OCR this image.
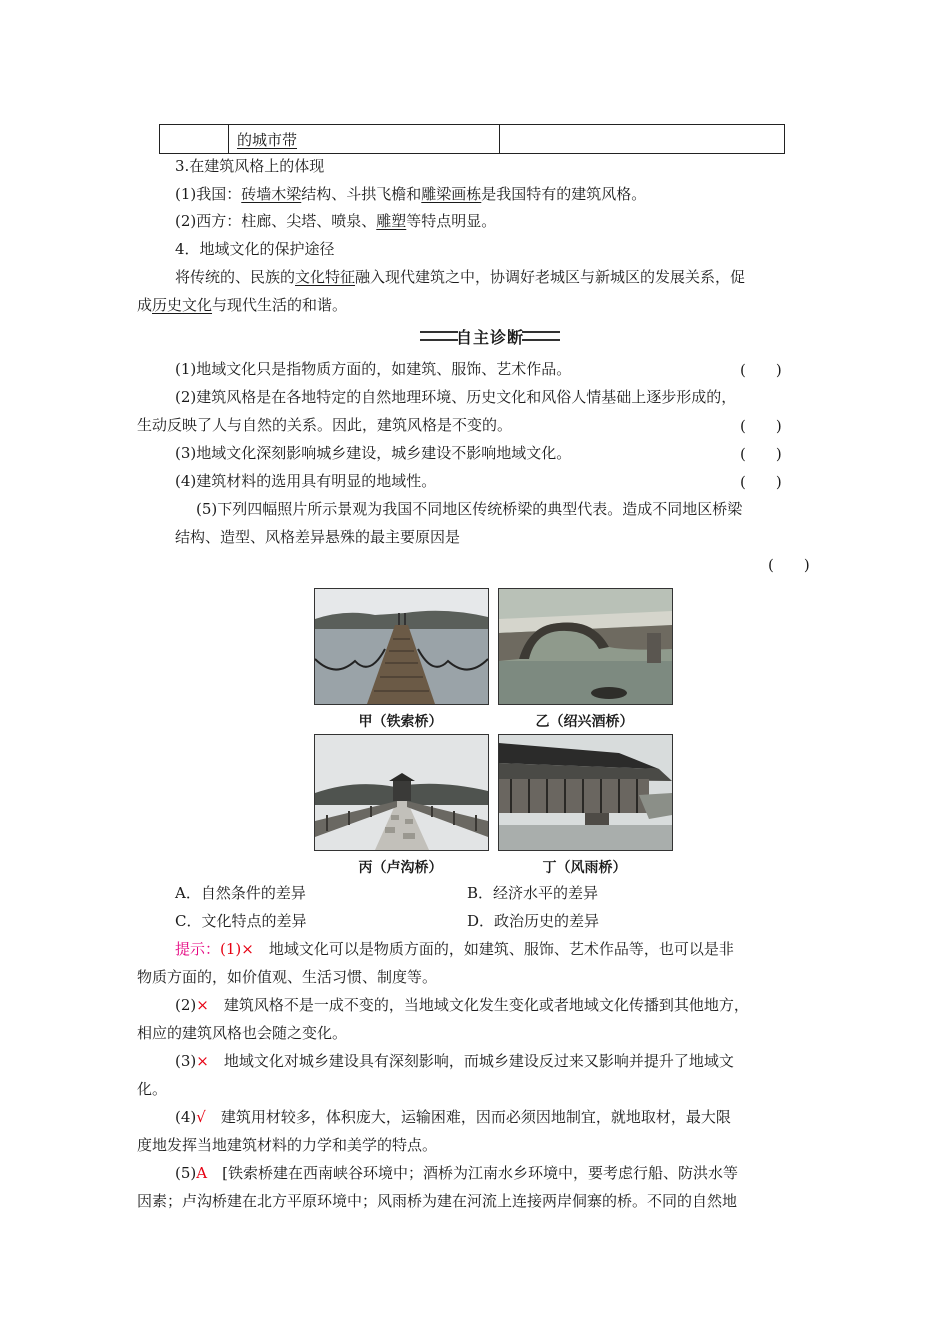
	的城市带	
3.在建筑风格上的体现
(1)我国：砖墙木梁结构、斗拱飞檐和雕梁画栋是我国特有的建筑风格。
(2)西方：柱廊、尖塔、喷泉、雕塑等特点明显。
4．地域文化的保护途径
将传统的、民族的文化特征融入现代建筑之中，协调好老城区与新城区的发展关系，促
成历史文化与现代生活的和谐。
自主诊断
(1)地域文化只是指物质方面的，如建筑、服饰、艺术作品。	(　　)
(2)建筑风格是在各地特定的自然地理环境、历史文化和风俗人情基础上逐步形成的，
生动反映了人与自然的关系。因此，建筑风格是不变的。	(　　)
(3)地域文化深刻影响城乡建设，城乡建设不影响地域文化。	(　　)
(4)建筑材料的选用具有明显的地域性。	(　　)
(5)下列四幅照片所示景观为我国不同地区传统桥梁的典型代表。造成不同地区桥梁
结构、造型、风格差异悬殊的最主要原因是
(　　)
甲（铁索桥）	乙（绍兴酒桥）
丙（卢沟桥）	丁（风雨桥）
A．自然条件的差异	B．经济水平的差异
C．文化特点的差异	D．政治历史的差异
提示：(1)×　地域文化可以是物质方面的，如建筑、服饰、艺术作品等，也可以是非
物质方面的，如价值观、生活习惯、制度等。
(2)×　建筑风格不是一成不变的，当地域文化发生变化或者地域文化传播到其他地方，
相应的建筑风格也会随之变化。
(3)×　地域文化对城乡建设具有深刻影响，而城乡建设反过来又影响并提升了地域文
化。
(4)√　建筑用材较多，体积庞大，运输困难，因而必须因地制宜，就地取材，最大限
度地发挥当地建筑材料的力学和美学的特点。
(5)A　[铁索桥建在西南峡谷环境中；酒桥为江南水乡环境中，要考虑行船、防洪水等
因素；卢沟桥建在北方平原环境中；风雨桥为建在河流上连接两岸侗寨的桥。不同的自然地
